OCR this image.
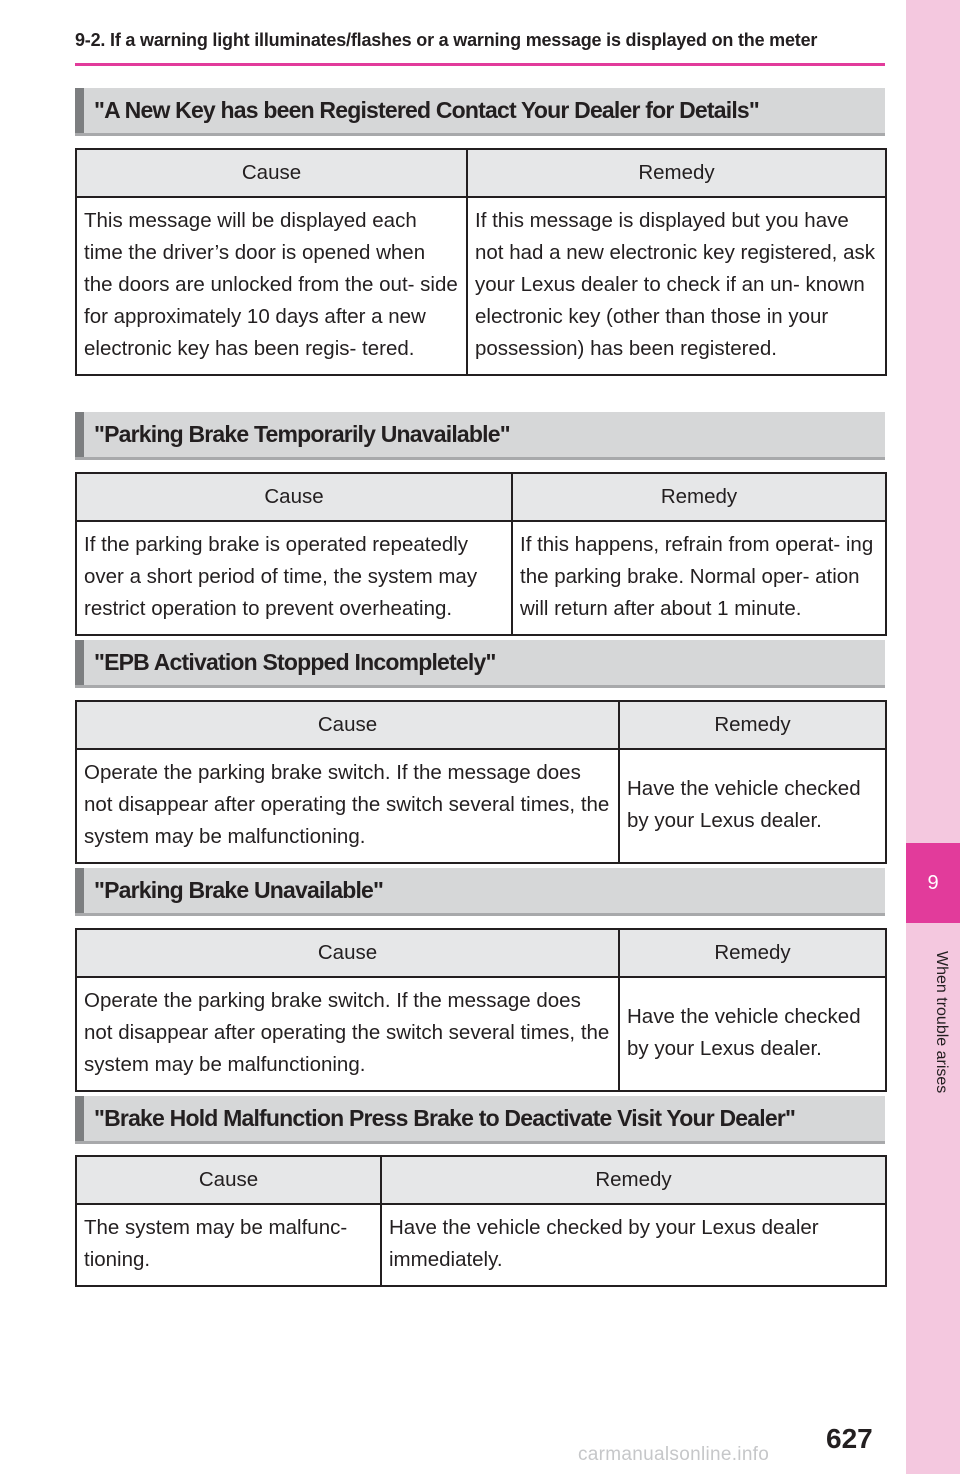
9-2. If a warning light illuminates/flashes or a warning message is displayed on the meter
9
When trouble arises
"A New Key has been Registered Contact Your Dealer for Details"
Cause	Remedy
This message will be displayed each time the driver’s door is opened when the doors are unlocked from the out- side for approximately 10 days after a new electronic key has been regis- tered.	If this message is displayed but you have not had a new electronic key registered, ask your Lexus dealer to check if an un- known electronic key (other than those in your possession) has been registered.
"Parking Brake Temporarily Unavailable"
Cause	Remedy
If the parking brake is operated repeatedly over a short period of time, the system may restrict operation to prevent overheating.	If this happens, refrain from operat- ing the parking brake. Normal oper- ation will return after about 1 minute.
"EPB Activation Stopped Incompletely"
Cause	Remedy
Operate the parking brake switch. If the message does not disappear after operating the switch several times, the system may be malfunctioning.	Have the vehicle checked by your Lexus dealer.
"Parking Brake Unavailable"
Cause	Remedy
Operate the parking brake switch. If the message does not disappear after operating the switch several times, the system may be malfunctioning.	Have the vehicle checked by your Lexus dealer.
"Brake Hold Malfunction Press Brake to Deactivate Visit Your Dealer"
Cause	Remedy
The system may be malfunc- tioning.	Have the vehicle checked by your Lexus dealer immediately.
627
carmanualsonline.info
